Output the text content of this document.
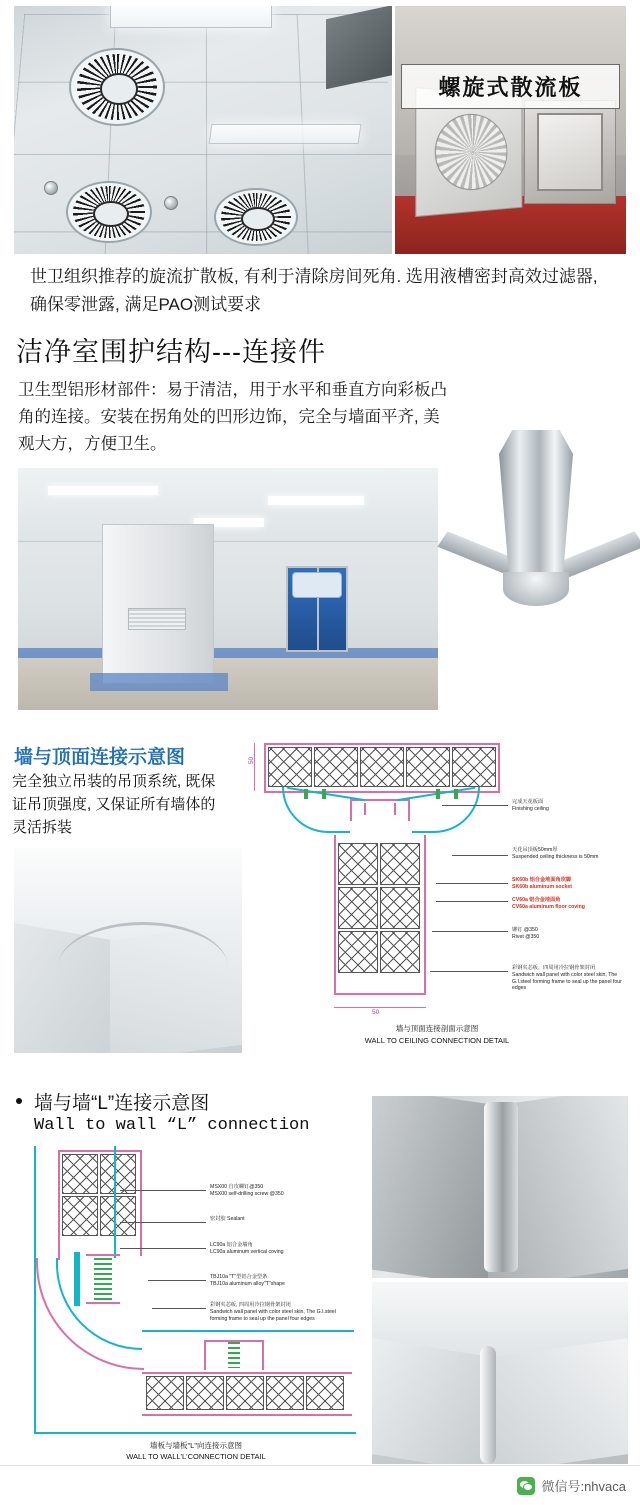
螺旋式散流板
世卫组织推荐的旋流扩散板, 有利于清除房间死角. 选用液槽密封高效过滤器, 确保零泄露, 满足PAO测试要求
洁净室围护结构---连接件
卫生型铝形材部件：易于清洁，用于水平和垂直方向彩板凸角的连接。安装在拐角处的凹形边饰，完全与墙面平齐, 美观大方，方便卫生。
墙与顶面连接示意图
完全独立吊装的吊顶系统, 既保证吊顶强度, 又保证所有墙体的灵活拆装
50
50
完成天花板面
Finishing ceiling
天花吊顶板50mm厚
Suspended ceiling thickness is 50mm
SK60b 铝合金地面角坎脚
SK60b aluminum socket
CV60a 铝合金地面角
CV60a aluminum floor coving
铆钉 @350
Rivet @350
彩钢夹芯板，四周用冷拉钢骨架封闭
Sandwich wall panel with color steel skin, The G.I.steel forming frame to seal up the panel four edges
墙与顶面连接剖面示意图
WALL TO CEILING CONNECTION DETAIL
墙与墙“L”连接示意图
Wall to wall “L” connection
MSX00 自攻螺钉@350
MSX00 self-drilling screw @350
密封胶 Sealant
LC90a 铝合金墙角
LC90a aluminum vertical coving
TBJ10a "T"型铝合金型条
TBJ10a aluminum alloy"T"shape
彩钢夹芯板, 四周用冷拉钢骨架封闭
Sandwich wall panel with color steel skin, The G.I.steel forming frame to seal up the panel four edges
墙板与墙板"L"向连接示意图
WALL TO WALL'L'CONNECTION DETAIL
微信号:nhvaca
